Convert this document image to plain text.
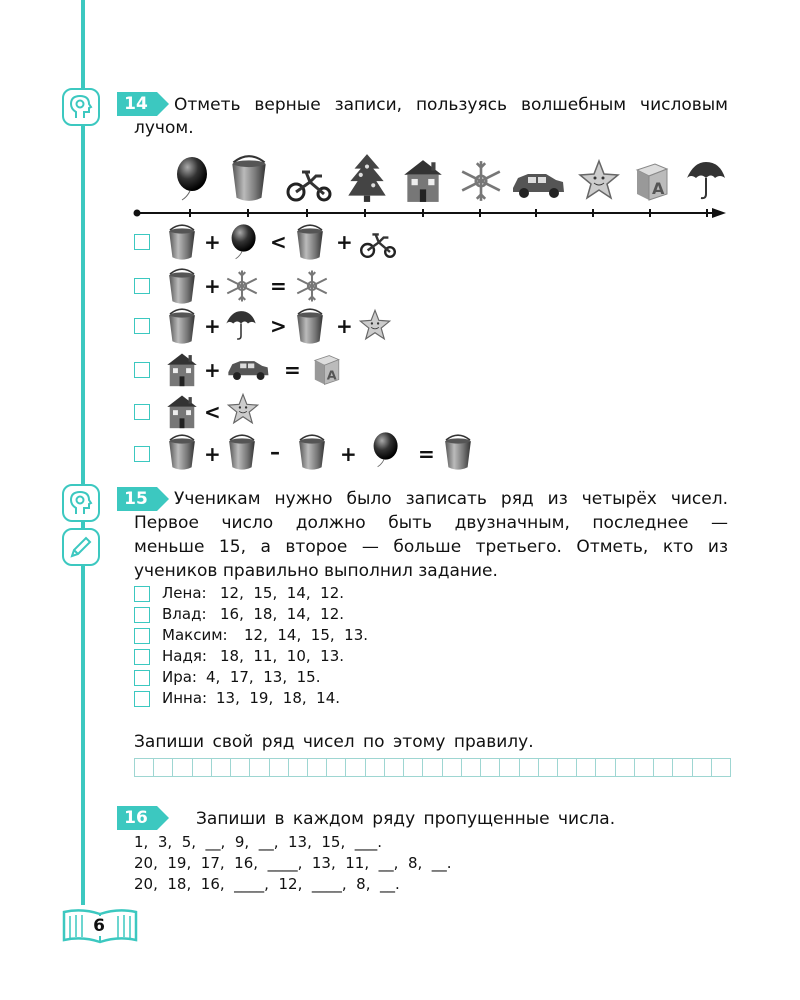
14	Отметь верные записи, пользуясь волшебным числовым
лучом.
+ < +
+ =
+ > +
+	=
<
+ –	+	=
15	Ученикам нужно было записать ряд из четырёх чисел.
Первое число должно быть двузначным, последнее —
меньше 15, а второе — больше третьего. Отметь, кто из
учеников правильно выполнил задание.
Лена: 12,  15,  14,  12.
Влад: 16,  18,  14,  12.
Максим: 12,  14,  15,  13.
Надя: 18,  11,  10,  13.
Ира: 4,  17,  13,  15.
Инна: 13,  19,  18,  14.
Запиши свой ряд чисел по этому правилу.
16	Запиши в каждом ряду пропущенные числа.
1,  3,  5,  __,  9,  __,  13,  15,  ___.
20,  19,  17,  16,  ____,  13,  11,  __,  8,  __.
20,  18,  16,  ____,  12,  ____,  8,  __.
6
